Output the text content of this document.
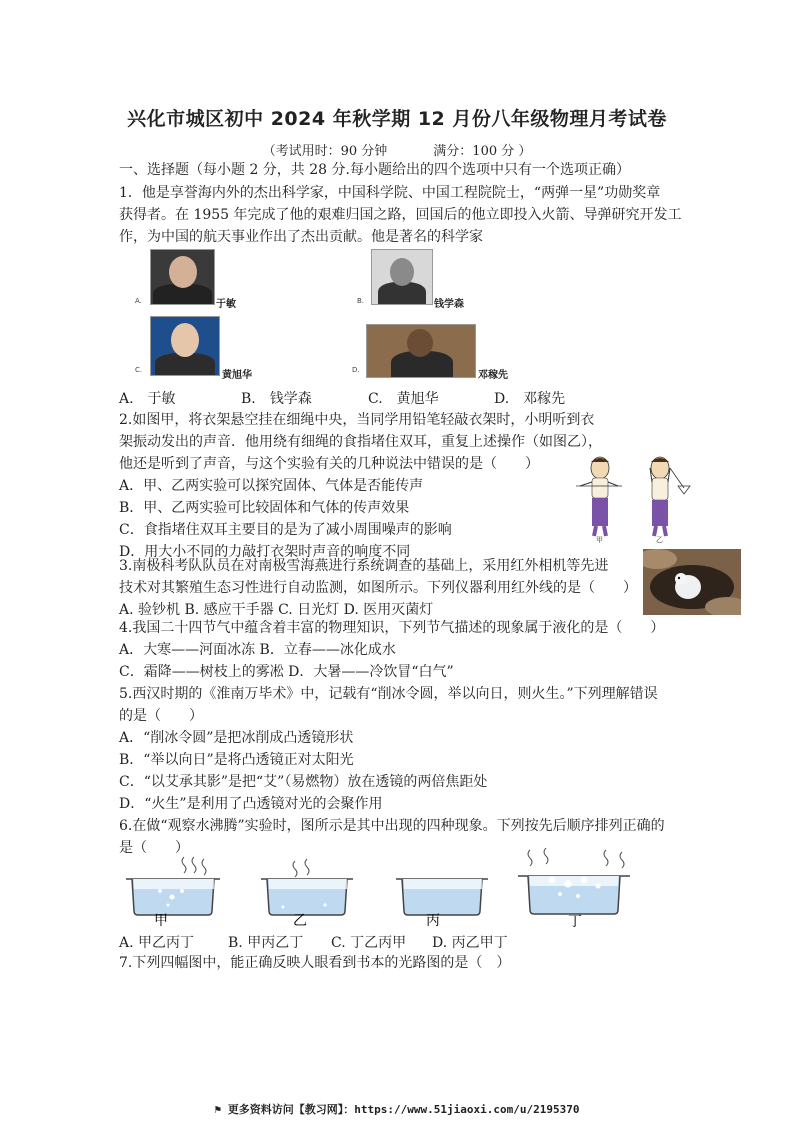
兴化市城区初中 2024 年秋学期 12 月份八年级物理月考试卷
（考试用时：90 分钟	满分：100 分 ）
一、选择题（每小题 2 分，共 28 分.每小题给出的四个选项中只有一个选项正确）
1．他是享誉海内外的杰出科学家，中国科学院、中国工程院院士，“两弹一星”功勋奖章
获得者。在 1955 年完成了他的艰难归国之路，回国后的他立即投入火箭、导弹研究开发工
作，为中国的航天事业作出了杰出贡献。他是著名的科学家
A.	于敏	B.	钱学森
C.	黄旭华	D.	邓稼先
A.　于敏	B.　钱学森	C.　黄旭华	D.　邓稼先
2.如图甲，将衣架悬空挂在细绳中央，当同学用铅笔轻敲衣架时，小明听到衣
架振动发出的声音．他用绕有细绳的食指堵住双耳，重复上述操作（如图乙），
他还是听到了声音，与这个实验有关的几种说法中错误的是（　　）
A．甲、乙两实验可以探究固体、气体是否能传声
B．甲、乙两实验可比较固体和气体的传声效果
C．食指堵住双耳主要目的是为了减小周围噪声的影响
D．用大小不同的力敲打衣架时声音的响度不同
甲	乙
3.南极科考队队员在对南极雪海燕进行系统调查的基础上，采用红外相机等先进
技术对其繁殖生态习性进行自动监测，如图所示。下列仪器利用红外线的是（　　）
A. 验钞机 B. 感应干手器 C. 日光灯 D. 医用灭菌灯
4.我国二十四节气中蕴含着丰富的物理知识，下列节气描述的现象属于液化的是（　　）
A．大寒——河面冰冻 B．立春——冰化成水
C．霜降——树枝上的雾凇 D．大暑——冷饮冒“白气”
5.西汉时期的《淮南万毕术》中，记载有“削冰令圆，举以向日，则火生。”下列理解错误
的是（　　）
A．“削冰令圆”是把冰削成凸透镜形状
B．“举以向日”是将凸透镜正对太阳光
C．“以艾承其影”是把“艾”（易燃物）放在透镜的两倍焦距处
D．“火生”是利用了凸透镜对光的会聚作用
6.在做“观察水沸腾”实验时，图所示是其中出现的四种现象。下列按先后顺序排列正确的
是（　　）
甲	乙	丙	丁
A. 甲乙丙丁 B. 甲丙乙丁 C. 丁乙丙甲 D. 丙乙甲丁
7.下列四幅图中，能正确反映人眼看到书本的光路图的是（　）
⚑ 更多资料访问【教习网】：https://www.51jiaoxi.com/u/2195370
